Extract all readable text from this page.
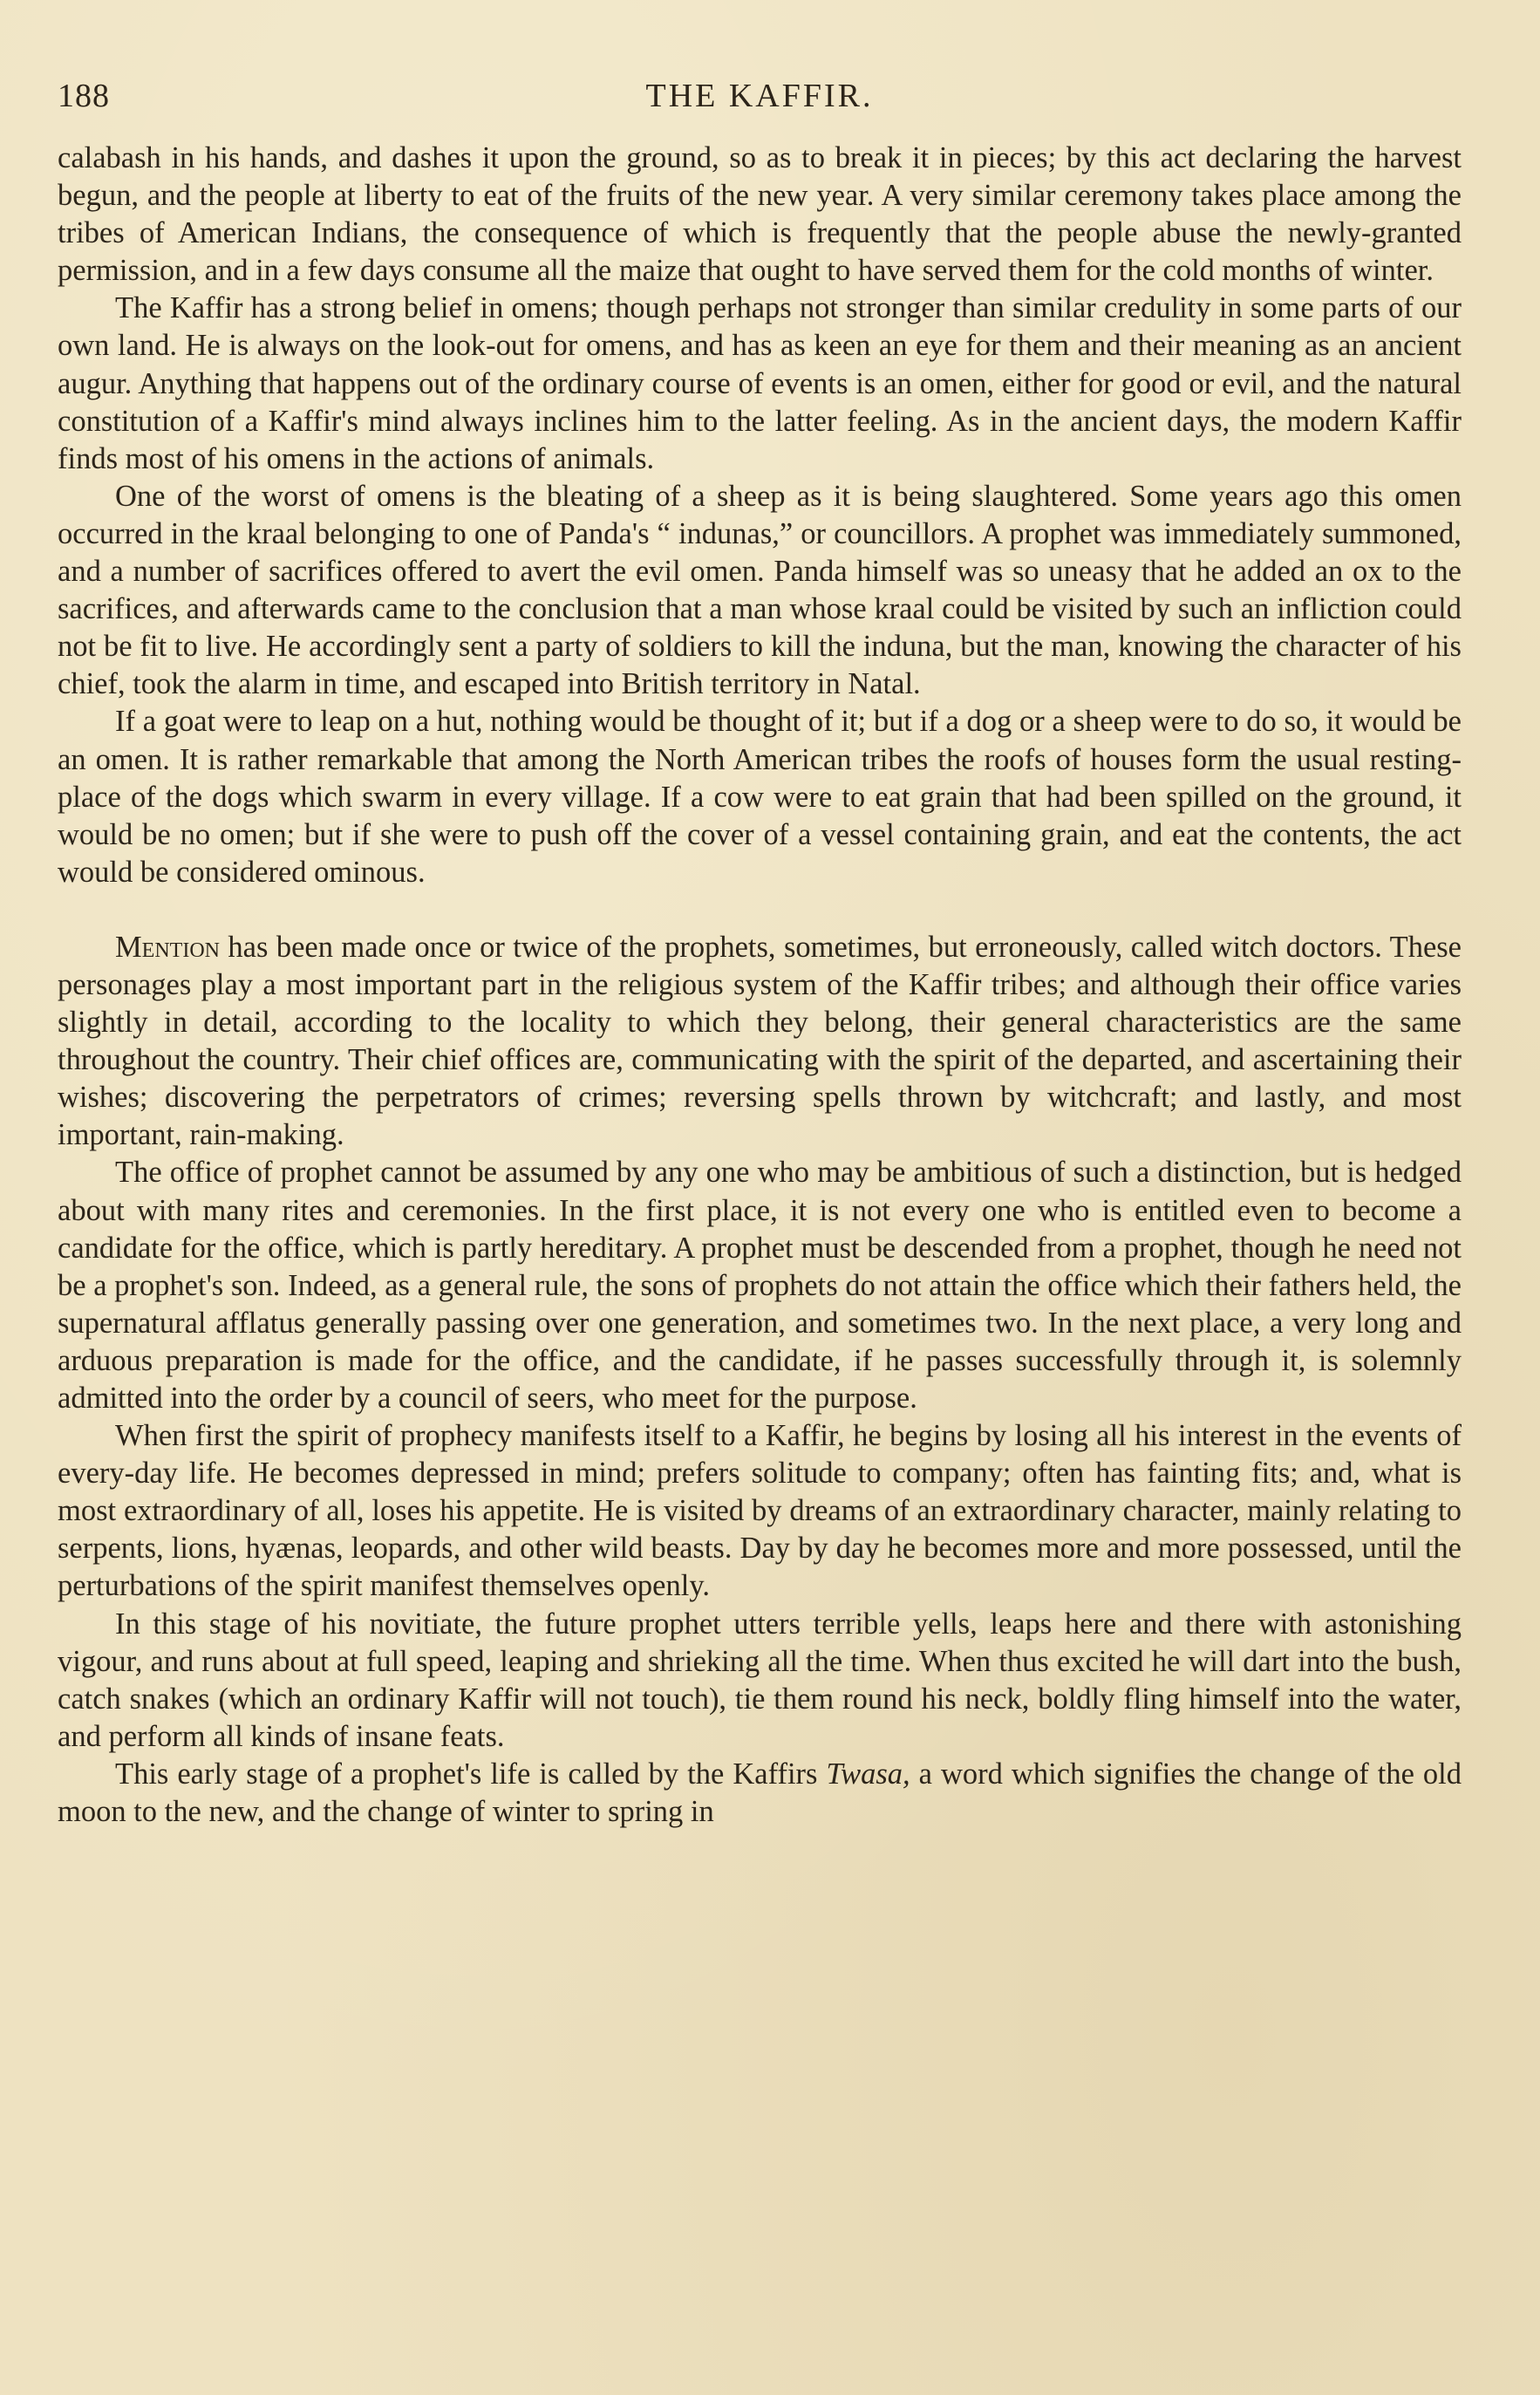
188	THE KAFFIR.

calabash in his hands, and dashes it upon the ground, so as to break it in pieces; by this act declaring the harvest begun, and the people at liberty to eat of the fruits of the new year. A very similar ceremony takes place among the tribes of American Indians, the consequence of which is frequently that the people abuse the newly-granted permission, and in a few days consume all the maize that ought to have served them for the cold months of winter.

The Kaffir has a strong belief in omens; though perhaps not stronger than similar credulity in some parts of our own land. He is always on the look-out for omens, and has as keen an eye for them and their meaning as an ancient augur. Anything that happens out of the ordinary course of events is an omen, either for good or evil, and the natural constitution of a Kaffir's mind always inclines him to the latter feeling. As in the ancient days, the modern Kaffir finds most of his omens in the actions of animals.

One of the worst of omens is the bleating of a sheep as it is being slaughtered. Some years ago this omen occurred in the kraal belonging to one of Panda's “ indunas,” or councillors. A prophet was immediately summoned, and a number of sacrifices offered to avert the evil omen. Panda himself was so uneasy that he added an ox to the sacrifices, and afterwards came to the conclusion that a man whose kraal could be visited by such an infliction could not be fit to live. He accordingly sent a party of soldiers to kill the induna, but the man, knowing the character of his chief, took the alarm in time, and escaped into British territory in Natal.

If a goat were to leap on a hut, nothing would be thought of it; but if a dog or a sheep were to do so, it would be an omen. It is rather remarkable that among the North American tribes the roofs of houses form the usual resting-place of the dogs which swarm in every village. If a cow were to eat grain that had been spilled on the ground, it would be no omen; but if she were to push off the cover of a vessel containing grain, and eat the contents, the act would be considered ominous.

Mention has been made once or twice of the prophets, sometimes, but erroneously, called witch doctors. These personages play a most important part in the religious system of the Kaffir tribes; and although their office varies slightly in detail, according to the locality to which they belong, their general characteristics are the same throughout the country. Their chief offices are, communicating with the spirit of the departed, and ascertaining their wishes; discovering the perpetrators of crimes; reversing spells thrown by witchcraft; and lastly, and most important, rain-making.

The office of prophet cannot be assumed by any one who may be ambitious of such a distinction, but is hedged about with many rites and ceremonies. In the first place, it is not every one who is entitled even to become a candidate for the office, which is partly hereditary. A prophet must be descended from a prophet, though he need not be a prophet's son. Indeed, as a general rule, the sons of prophets do not attain the office which their fathers held, the supernatural afflatus generally passing over one generation, and sometimes two. In the next place, a very long and arduous preparation is made for the office, and the candidate, if he passes successfully through it, is solemnly admitted into the order by a council of seers, who meet for the purpose.

When first the spirit of prophecy manifests itself to a Kaffir, he begins by losing all his interest in the events of every-day life. He becomes depressed in mind; prefers solitude to company; often has fainting fits; and, what is most extraordinary of all, loses his appetite. He is visited by dreams of an extraordinary character, mainly relating to serpents, lions, hyænas, leopards, and other wild beasts. Day by day he becomes more and more possessed, until the perturbations of the spirit manifest themselves openly.

In this stage of his novitiate, the future prophet utters terrible yells, leaps here and there with astonishing vigour, and runs about at full speed, leaping and shrieking all the time. When thus excited he will dart into the bush, catch snakes (which an ordinary Kaffir will not touch), tie them round his neck, boldly fling himself into the water, and perform all kinds of insane feats.

This early stage of a prophet's life is called by the Kaffirs Twasa, a word which signifies the change of the old moon to the new, and the change of winter to spring in
